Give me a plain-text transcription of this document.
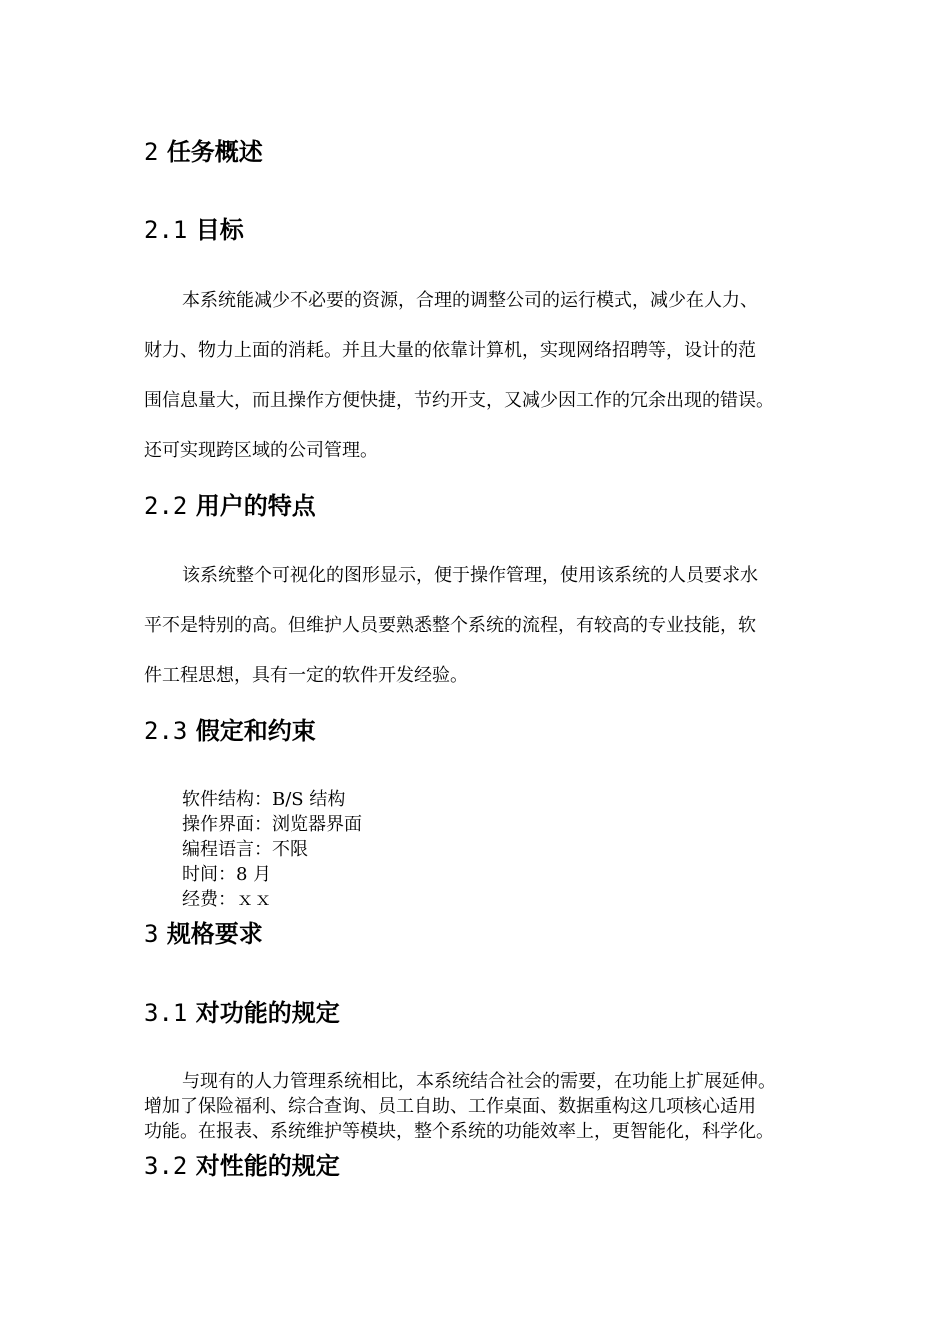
2 任务概述
2.1 目标
本系统能减少不必要的资源，合理的调整公司的运行模式，减少在人力、
财力、物力上面的消耗。并且大量的依靠计算机，实现网络招聘等，设计的范
围信息量大，而且操作方便快捷，节约开支，又减少因工作的冗余出现的错误。
还可实现跨区域的公司管理。
2.2 用户的特点
该系统整个可视化的图形显示，便于操作管理，使用该系统的人员要求水
平不是特别的高。但维护人员要熟悉整个系统的流程，有较高的专业技能，软
件工程思想，具有一定的软件开发经验。
2.3 假定和约束
软件结构：B/S 结构
操作界面：浏览器界面
编程语言：不限
时间：8 月
经费：ｘｘ
3 规格要求
3.1 对功能的规定
与现有的人力管理系统相比，本系统结合社会的需要，在功能上扩展延伸。
增加了保险福利、综合查询、员工自助、工作桌面、数据重构这几项核心适用
功能。在报表、系统维护等模块，整个系统的功能效率上，更智能化，科学化。
3.2 对性能的规定
